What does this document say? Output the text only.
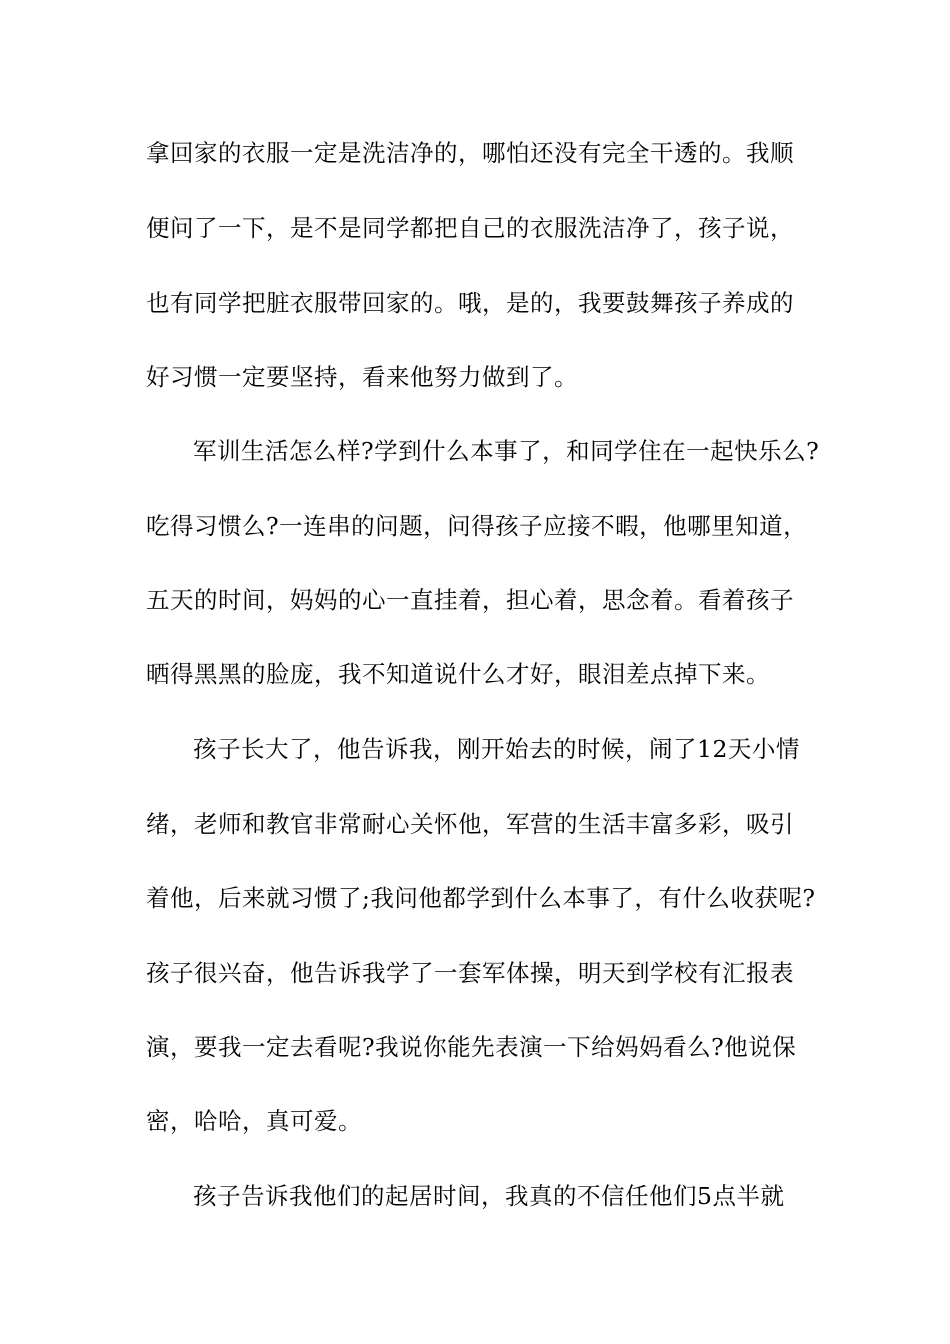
拿回家的衣服一定是洗洁净的，哪怕还没有完全干透的。我顺
便问了一下，是不是同学都把自己的衣服洗洁净了，孩子说，
也有同学把脏衣服带回家的。哦，是的，我要鼓舞孩子养成的
好习惯一定要坚持，看来他努力做到了。
军训生活怎么样?学到什么本事了，和同学住在一起快乐么?
吃得习惯么?一连串的问题，问得孩子应接不暇，他哪里知道，
五天的时间，妈妈的心一直挂着，担心着，思念着。看着孩子
晒得黑黑的脸庞，我不知道说什么才好，眼泪差点掉下来。
孩子长大了，他告诉我，刚开始去的时候，闹了12天小情
绪，老师和教官非常耐心关怀他，军营的生活丰富多彩，吸引
着他，后来就习惯了;我问他都学到什么本事了，有什么收获呢?
孩子很兴奋，他告诉我学了一套军体操，明天到学校有汇报表
演，要我一定去看呢?我说你能先表演一下给妈妈看么?他说保
密，哈哈，真可爱。
孩子告诉我他们的起居时间，我真的不信任他们5点半就
